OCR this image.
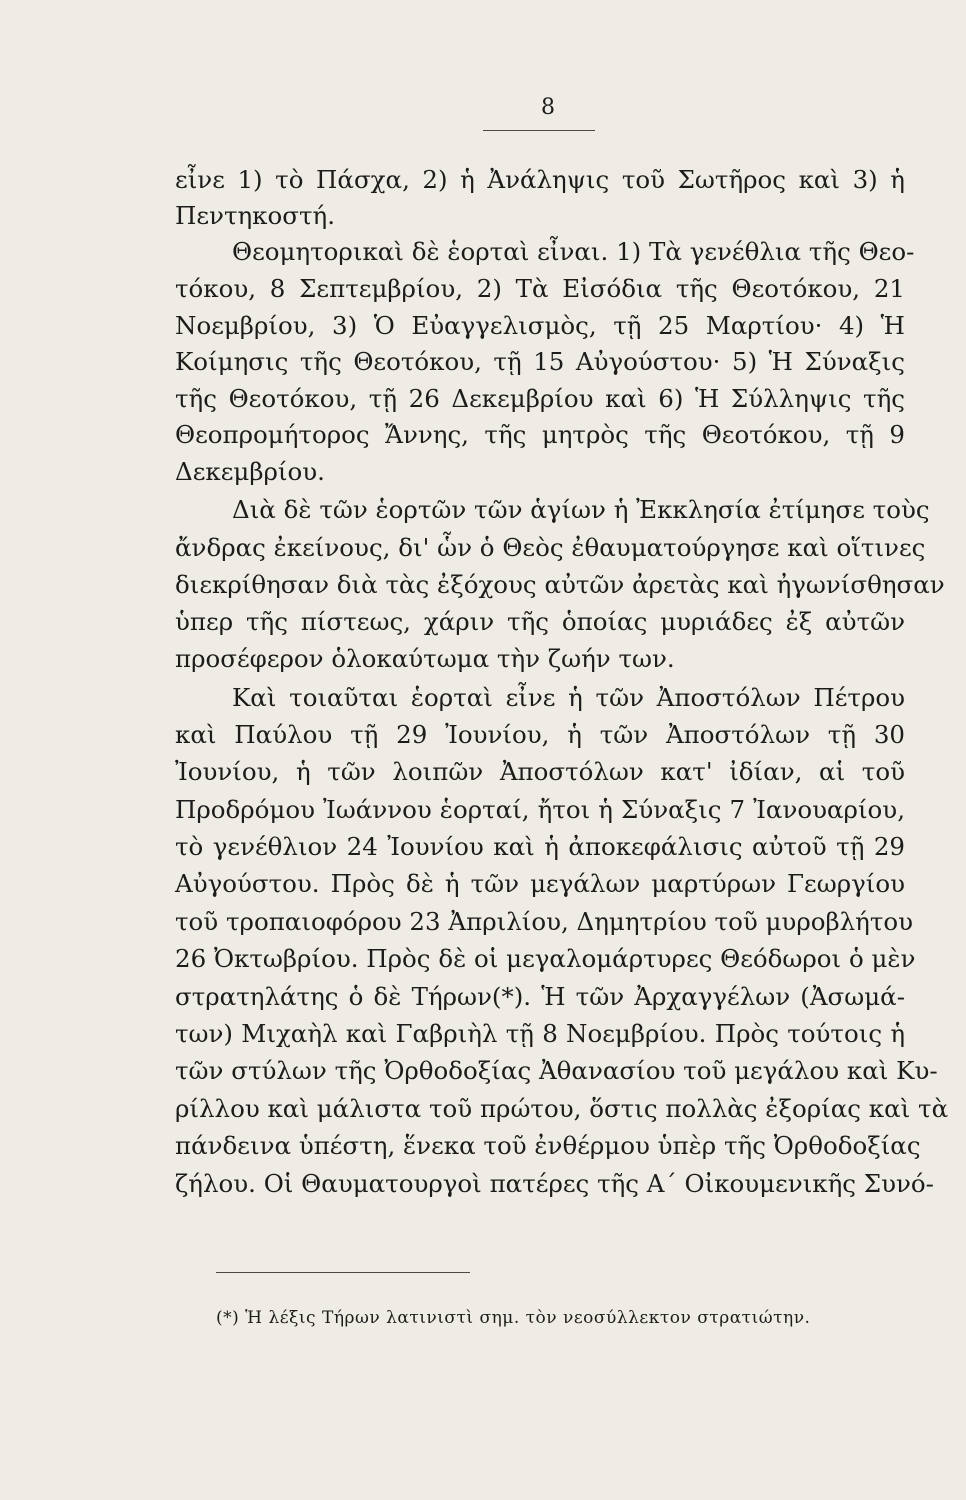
8
εἶνε 1) τὸ Πάσχα, 2) ἡ Ἀνάληψις τοῦ Σωτῆρος καὶ 3) ἡ
Πεντηκοστή.
Θεομητορικαὶ δὲ ἑορταὶ εἶναι. 1) Τὰ γενέθλια τῆς Θεο-
τόκου, 8 Σεπτεμβρίου, 2) Τὰ Εἰσόδια τῆς Θεοτόκου, 21
Νοεμβρίου, 3) Ὁ Εὐαγγελισμὸς, τῇ 25 Μαρτίου· 4) Ἡ
Κοίμησις τῆς Θεοτόκου, τῇ 15 Αὐγούστου· 5) Ἡ Σύναξις
τῆς Θεοτόκου, τῇ 26 Δεκεμβρίου καὶ 6) Ἡ Σύλληψις τῆς
Θεοπρομήτορος Ἄννης, τῆς μητρὸς τῆς Θεοτόκου, τῇ 9
Δεκεμβρίου.
Διὰ δὲ τῶν ἑορτῶν τῶν ἁγίων ἡ Ἐκκλησία ἐτίμησε τοὺς
ἄνδρας ἐκείνους, δι' ὧν ὁ Θεὸς ἐθαυματούργησε καὶ οἵτινες
διεκρίθησαν διὰ τὰς ἐξόχους αὐτῶν ἀρετὰς καὶ ἠγωνίσθησαν
ὑπερ τῆς πίστεως, χάριν τῆς ὁποίας μυριάδες ἐξ αὐτῶν
προσέφερον ὁλοκαύτωμα τὴν ζωήν των.
Καὶ τοιαῦται ἑορταὶ εἶνε ἡ τῶν Ἀποστόλων Πέτρου
καὶ Παύλου τῇ 29 Ἰουνίου, ἡ τῶν Ἀποστόλων τῇ 30
Ἰουνίου, ἡ τῶν λοιπῶν Ἀποστόλων κατ' ἰδίαν, αἱ τοῦ
Προδρόμου Ἰωάννου ἑορταί, ἤτοι ἡ Σύναξις 7 Ἰανουαρίου,
τὸ γενέθλιον 24 Ἰουνίου καὶ ἡ ἀποκεφάλισις αὐτοῦ τῇ 29
Αὐγούστου. Πρὸς δὲ ἡ τῶν μεγάλων μαρτύρων Γεωργίου
τοῦ τροπαιοφόρου 23 Ἀπριλίου, Δημητρίου τοῦ μυροβλήτου
26 Ὀκτωβρίου. Πρὸς δὲ οἱ μεγαλομάρτυρες Θεόδωροι ὁ μὲν
στρατηλάτης ὁ δὲ Τήρων(*). Ἡ τῶν Ἀρχαγγέλων (Ἀσωμά-
των) Μιχαὴλ καὶ Γαβριὴλ τῇ 8 Νοεμβρίου. Πρὸς τούτοις ἡ
τῶν στύλων τῆς Ὀρθοδοξίας Ἀθανασίου τοῦ μεγάλου καὶ Κυ-
ρίλλου καὶ μάλιστα τοῦ πρώτου, ὅστις πολλὰς ἐξορίας καὶ τὰ
πάνδεινα ὑπέστη, ἕνεκα τοῦ ἐνθέρμου ὑπὲρ τῆς Ὀρθοδοξίας
ζήλου. Οἱ Θαυματουργοὶ πατέρες τῆς Α΄ Οἰκουμενικῆς Συνό-
(*) Ἡ λέξις Τήρων λατινιστὶ σημ. τὸν νεοσύλλεκτον στρατιώτην.
